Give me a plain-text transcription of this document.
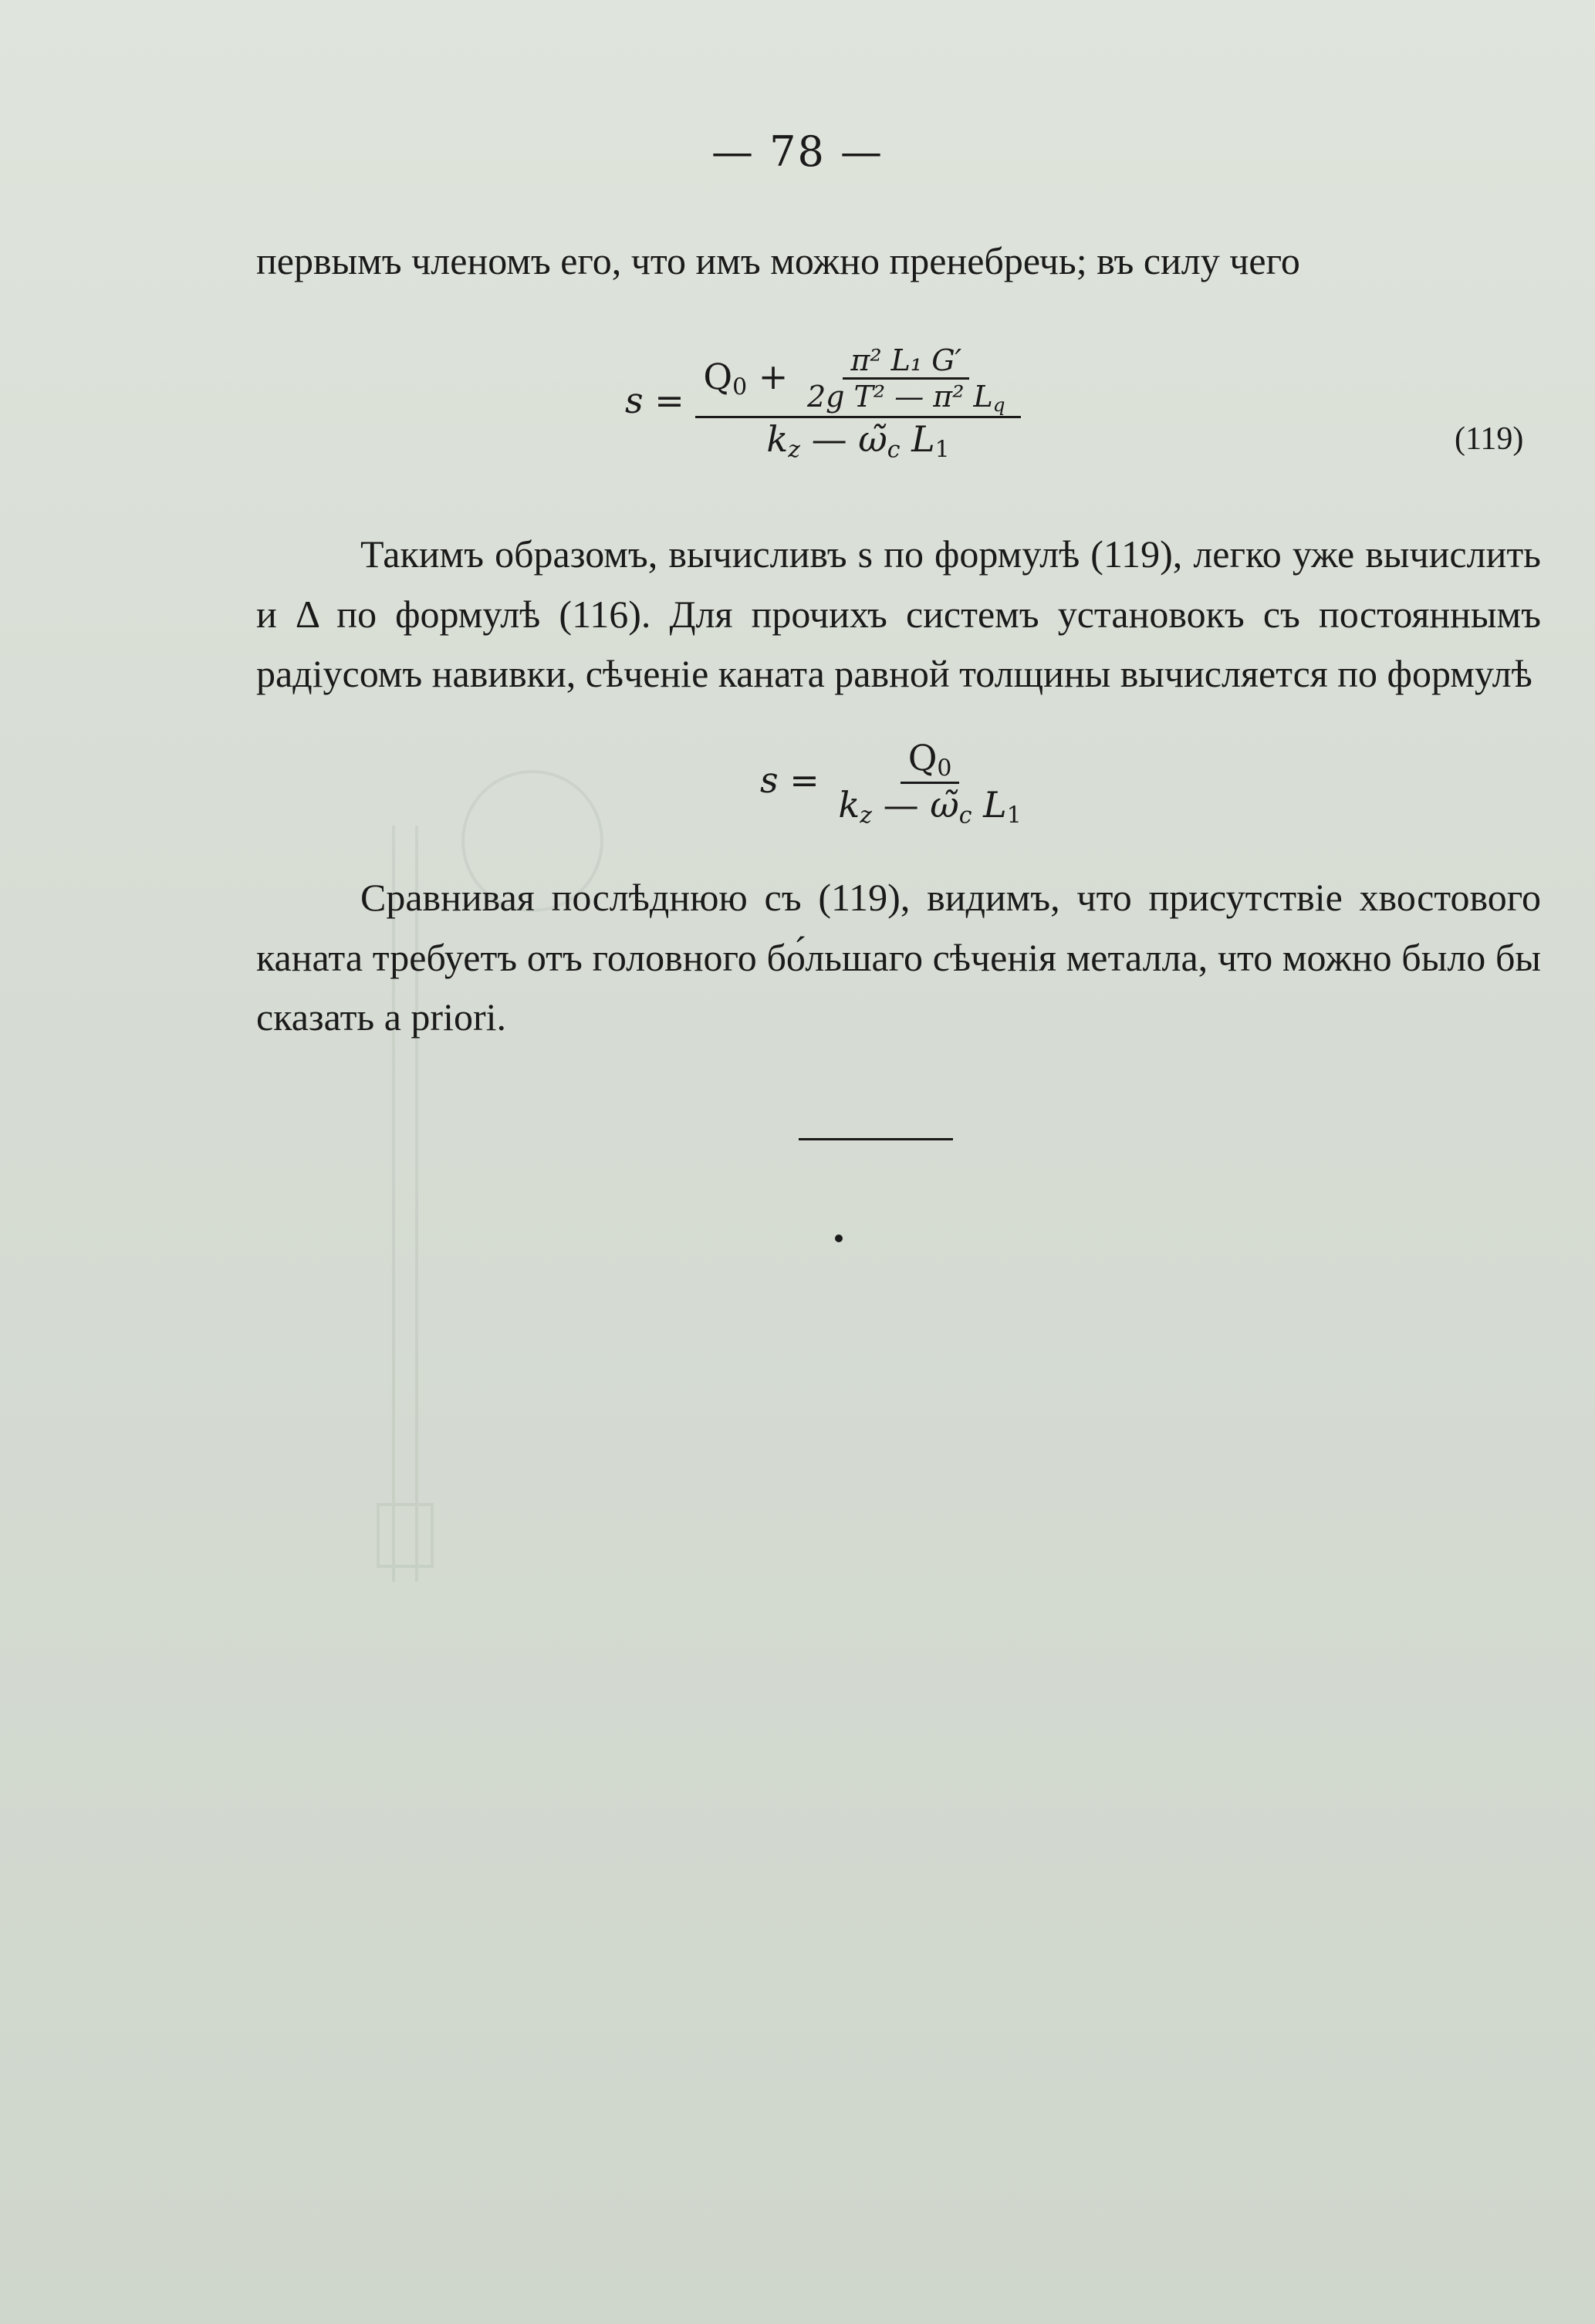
— 78 —
первымъ членомъ его, что имъ можно пренебречь; въ силу чего
s =
$Q_0 + \frac{\text{π² L₁ G′}}{2g T^2 — \pi^2 L_q}$
$k_z$ — $\omegã_c$ $L_1$	(119)
Такимъ образомъ, вычисливъ s по формулѣ (119), легко уже вычислить и Δ по формулѣ (116). Для прочихъ системъ установокъ съ постояннымъ радіусомъ навивки, сѣченіе каната равной толщины вычисляется по формулѣ
$s = \frac{Q_0}{k_z — \omegã_c L_1}$
Сравнивая послѣднюю съ (119), видимъ, что присутствіе хвостового каната требуетъ отъ головного бо́льшаго сѣченія металла, что можно было бы сказать a priori.
